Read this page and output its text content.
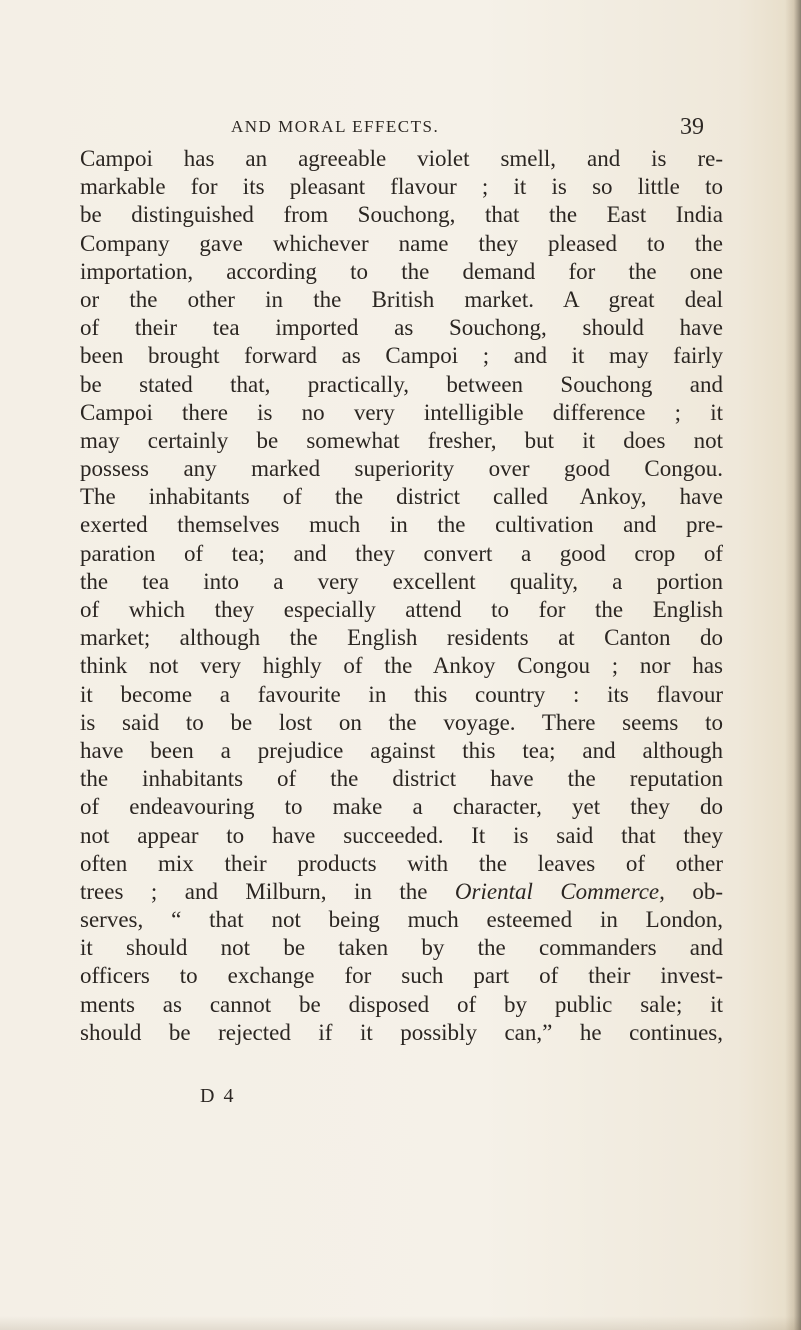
AND MORAL EFFECTS.	39
Campoi has an agreeable violet smell, and is re-
markable for its pleasant flavour ; it is so little to
be distinguished from Souchong, that the East India
Company gave whichever name they pleased to the
importation, according to the demand for the one
or the other in the British market. A great deal
of their tea imported as Souchong, should have
been brought forward as Campoi ; and it may fairly
be stated that, practically, between Souchong and
Campoi there is no very intelligible difference ; it
may certainly be somewhat fresher, but it does not
possess any marked superiority over good Congou.
The inhabitants of the district called Ankoy, have
exerted themselves much in the cultivation and pre-
paration of tea; and they convert a good crop of
the tea into a very excellent quality, a portion
of which they especially attend to for the English
market; although the English residents at Canton do
think not very highly of the Ankoy Congou ; nor has
it become a favourite in this country : its flavour
is said to be lost on the voyage. There seems to
have been a prejudice against this tea; and although
the inhabitants of the district have the reputation
of endeavouring to make a character, yet they do
not appear to have succeeded. It is said that they
often mix their products with the leaves of other
trees ; and Milburn, in the Oriental Commerce, ob-
serves, “ that not being much esteemed in London,
it should not be taken by the commanders and
officers to exchange for such part of their invest-
ments as cannot be disposed of by public sale; it
should be rejected if it possibly can,” he continues,
D 4
